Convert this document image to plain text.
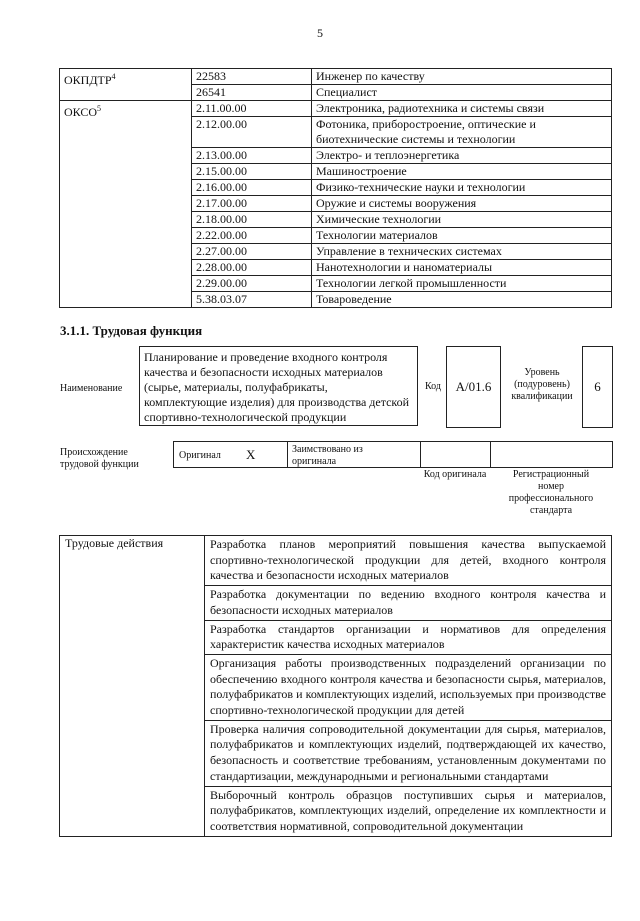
5
ОКПДТР$^4$	22583	Инженер по качеству
	26541	Специалист
ОКСО$^5$	2.11.00.00	Электроника, радиотехника и системы связи
	2.12.00.00	Фотоника, приборостроение, оптические и биотехнические системы и технологии
	2.13.00.00	Электро- и теплоэнергетика
	2.15.00.00	Машиностроение
	2.16.00.00	Физико-технические науки и технологии
	2.17.00.00	Оружие и системы вооружения
	2.18.00.00	Химические технологии
	2.22.00.00	Технологии материалов
	2.27.00.00	Управление в технических системах
	2.28.00.00	Нанотехнологии и наноматериалы
	2.29.00.00	Технологии легкой промышленности
	5.38.03.07	Товароведение
3.1.1. Трудовая функция
Наименование
Планирование и проведение входного контроля качества и безопасности исходных материалов (сырье, материалы, полуфабрикаты, комплектующие изделия) для производства детской спортивно-технологической продукции
Код	А/01.6
Уровень (подуровень) квалификации
6
Происхождение трудовой функции
Оригинал X	Заимствовано из оригинала
Код оригинала	Регистрационный номер профессионального стандарта
Трудовые действия	Разработка планов мероприятий повышения качества выпускаемой спортивно-технологической продукции для детей, входного контроля качества и безопасности исходных материалов
Разработка документации по ведению входного контроля качества и безопасности исходных материалов
Разработка стандартов организации и нормативов для определения характеристик качества исходных материалов
Организация работы производственных подразделений организации по обеспечению входного контроля качества и безопасности сырья, материалов, полуфабрикатов и комплектующих изделий, используемых при производстве спортивно-технологической продукции для детей
Проверка наличия сопроводительной документации для сырья, материалов, полуфабрикатов и комплектующих изделий, подтверждающей их качество, безопасность и соответствие требованиям, установленным документами по стандартизации, международными и региональными стандартами
Выборочный контроль образцов поступивших сырья и материалов, полуфабрикатов, комплектующих изделий, определение их комплектности и соответствия нормативной, сопроводительной документации
